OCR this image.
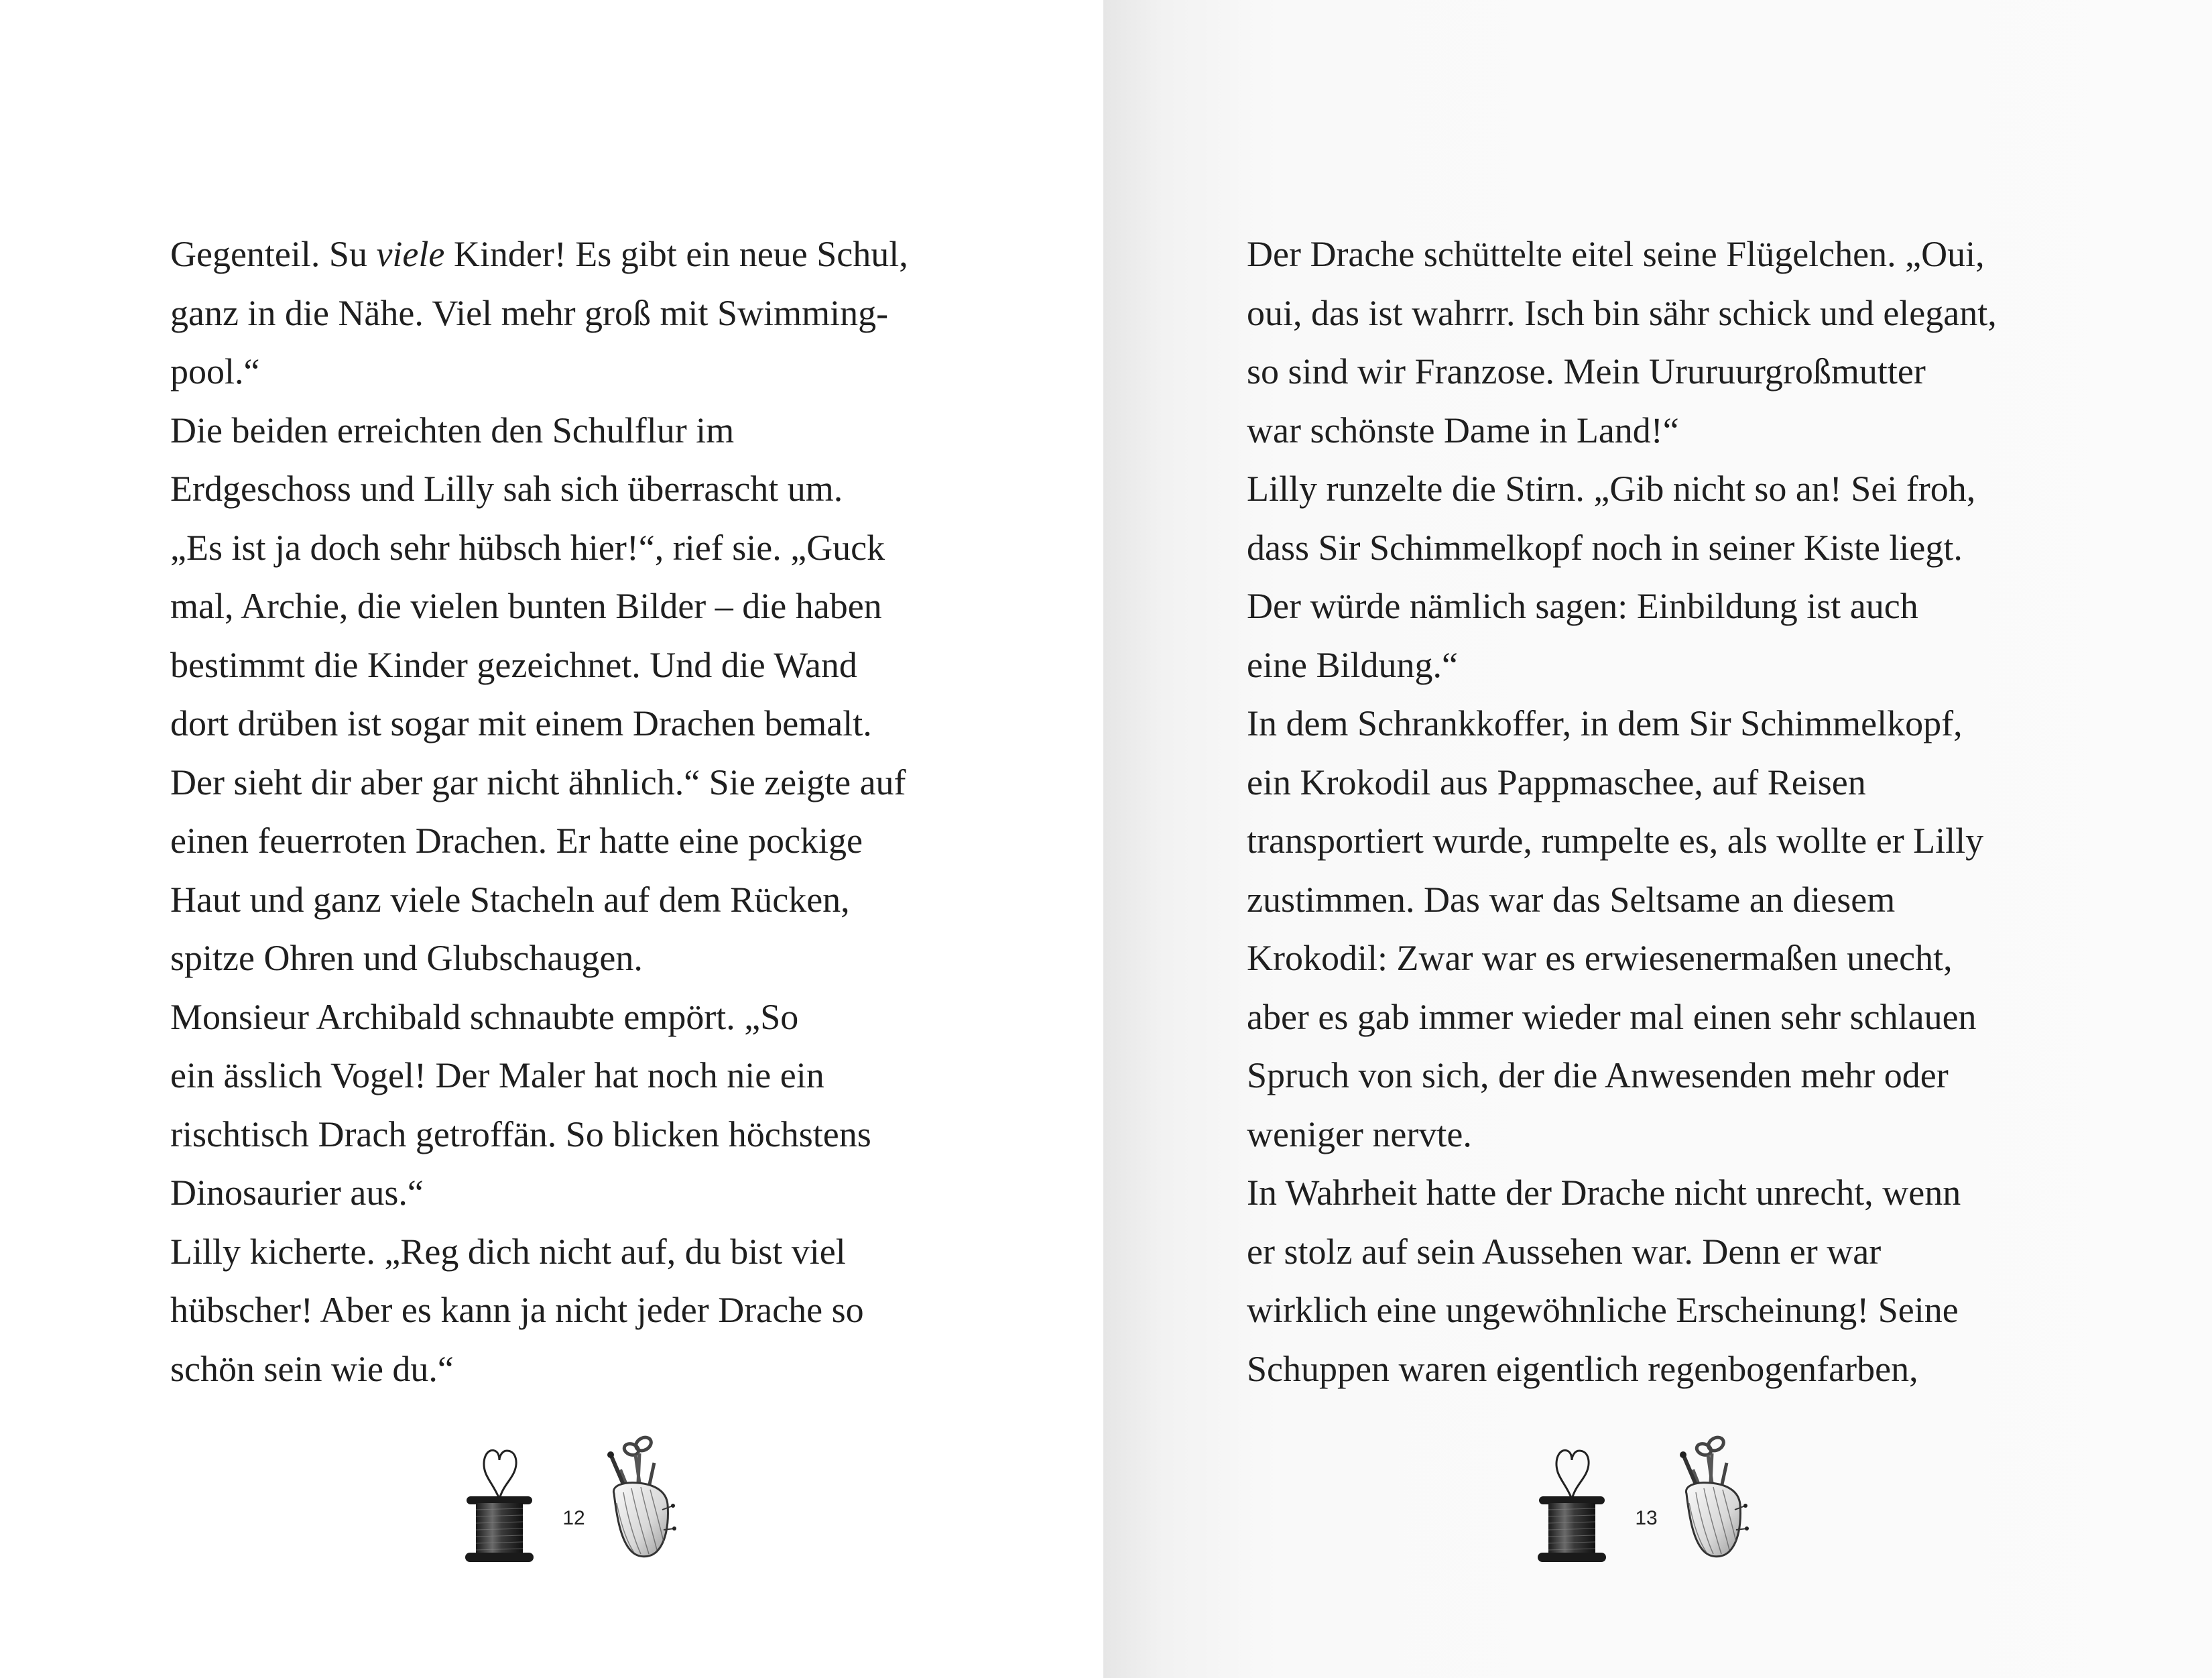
Gegenteil. Su viele Kinder! Es gibt ein neue Schul,
ganz in die Nähe. Viel mehr groß mit Swimming-
pool.“
Die beiden erreichten den Schulflur im
Erdgeschoss und Lilly sah sich überrascht um.
„Es ist ja doch sehr hübsch hier!“, rief sie. „Guck
mal, Archie, die vielen bunten Bilder – die haben
bestimmt die Kinder gezeichnet. Und die Wand
dort drüben ist sogar mit einem Drachen bemalt.
Der sieht dir aber gar nicht ähnlich.“ Sie zeigte auf
einen feuerroten Drachen. Er hatte eine pockige
Haut und ganz viele Stacheln auf dem Rücken,
spitze Ohren und Glubschaugen.
Monsieur Archibald schnaubte empört. „So
ein ässlich Vogel! Der Maler hat noch nie ein
rischtisch Drach getroffän. So blicken höchstens
Dinosaurier aus.“
Lilly kicherte. „Reg dich nicht auf, du bist viel
hübscher! Aber es kann ja nicht jeder Drache so
schön sein wie du.“
12
Der Drache schüttelte eitel seine Flügelchen. „Oui,
oui, das ist wahrrr. Isch bin sähr schick und elegant,
so sind wir Franzose. Mein Ururuurgroßmutter
war schönste Dame in Land!“
Lilly runzelte die Stirn. „Gib nicht so an! Sei froh,
dass Sir Schimmelkopf noch in seiner Kiste liegt.
Der würde nämlich sagen: Einbildung ist auch
eine Bildung.“
In dem Schrankkoffer, in dem Sir Schimmelkopf,
ein Krokodil aus Pappmaschee, auf Reisen
transportiert wurde, rumpelte es, als wollte er Lilly
zustimmen. Das war das Seltsame an diesem
Krokodil: Zwar war es erwiesenermaßen unecht,
aber es gab immer wieder mal einen sehr schlauen
Spruch von sich, der die Anwesenden mehr oder
weniger nervte.
In Wahrheit hatte der Drache nicht unrecht, wenn
er stolz auf sein Aussehen war. Denn er war
wirklich eine ungewöhnliche Erscheinung! Seine
Schuppen waren eigentlich regenbogenfarben,
13
